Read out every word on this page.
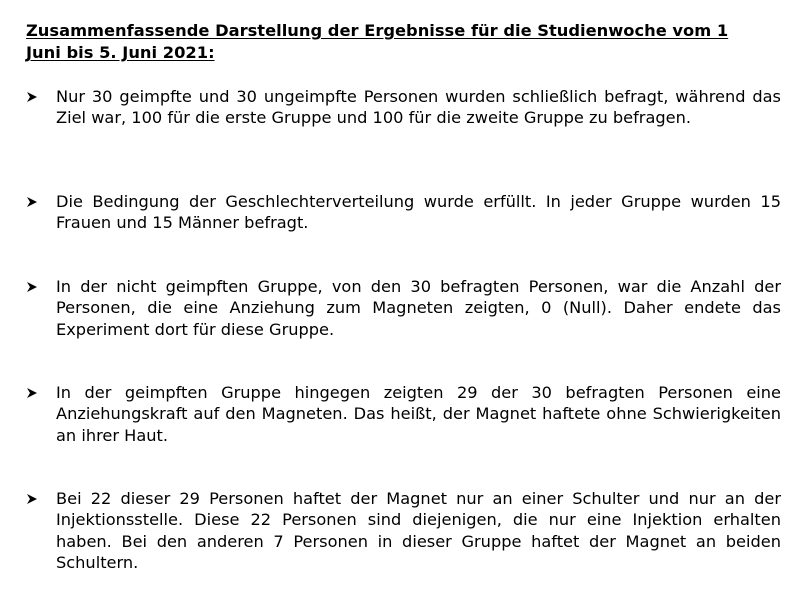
Zusammenfassende Darstellung der Ergebnisse für die Studienwoche vom 1
Juni bis 5. Juni 2021:
Nur 30 geimpfte und 30 ungeimpfte Personen wurden schließlich befragt, während das Ziel war, 100 für die erste Gruppe und 100 für die zweite Gruppe zu befragen.
Die Bedingung der Geschlechterverteilung wurde erfüllt. In jeder Gruppe wurden 15 Frauen und 15 Männer befragt.
In der nicht geimpften Gruppe, von den 30 befragten Personen, war die Anzahl der Personen, die eine Anziehung zum Magneten zeigten, 0 (Null). Daher endete das Experiment dort für diese Gruppe.
In der geimpften Gruppe hingegen zeigten 29 der 30 befragten Personen eine Anziehungskraft auf den Magneten. Das heißt, der Magnet haftete ohne Schwierigkeiten an ihrer Haut.
Bei 22 dieser 29 Personen haftet der Magnet nur an einer Schulter und nur an der Injektionsstelle. Diese 22 Personen sind diejenigen, die nur eine Injektion erhalten haben. Bei den anderen 7 Personen in dieser Gruppe haftet der Magnet an beiden Schultern.
